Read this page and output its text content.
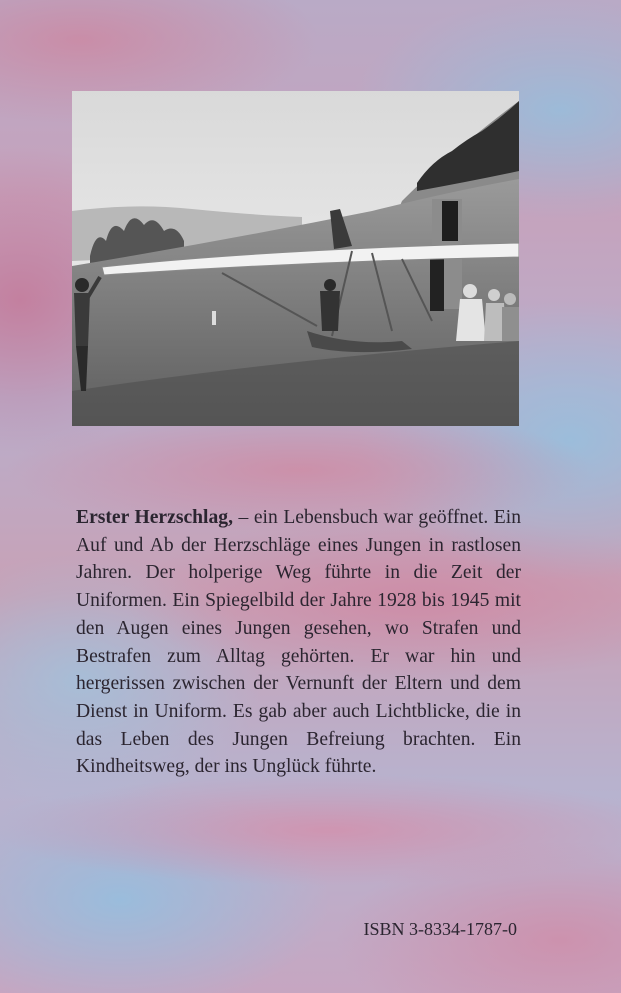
Erster Herzschlag, – ein Lebensbuch war geöffnet. Ein Auf und Ab der Herzschläge eines Jungen in rastlosen Jahren. Der holperige Weg führte in die Zeit der Uniformen. Ein Spiegelbild der Jahre 1928 bis 1945 mit den Augen eines Jungen gesehen, wo Strafen und Bestrafen zum Alltag gehörten. Er war hin und hergerissen zwischen der Vernunft der Eltern und dem Dienst in Uniform. Es gab aber auch Lichtblicke, die in das Leben des Jungen Befreiung brachten. Ein Kindheitsweg, der ins Unglück führte.
ISBN 3-8334-1787-0
